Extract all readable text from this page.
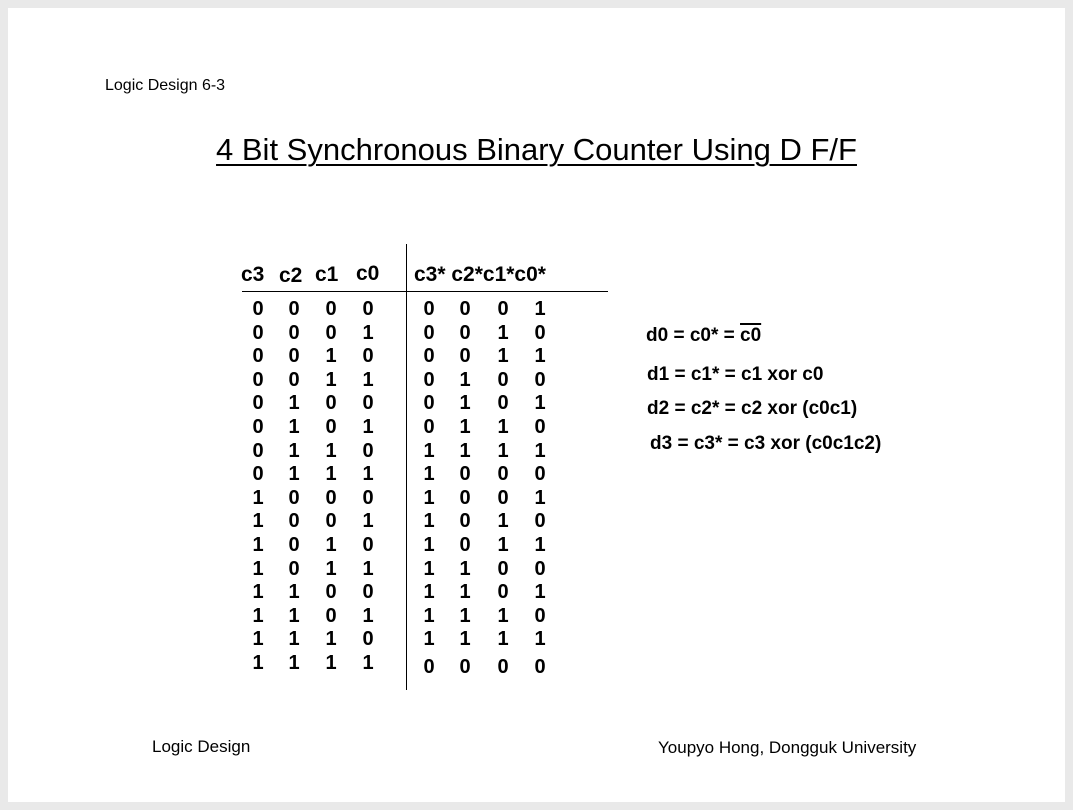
Logic Design 6-3
4 Bit Synchronous Binary Counter Using D F/F
c3 c2 c1 c0 c3* c2*c1*c0*
0 0 0 0
0 0 0 1
0 0 1 0
0 0 1 1
0 1 0 0
0 1 0 1
0 1 1 0
0 1 1 1
1 0 0 0
1 0 0 1
1 0 1 0
1 0 1 1
1 1 0 0
1 1 0 1
1 1 1 0
1 1 1 1
0 0 0 1
0 0 1 0
0 0 1 1
0 1 0 0
0 1 0 1
0 1 1 0
1 1 1 1
1 0 0 0
1 0 0 1
1 0 1 0
1 0 1 1
1 1 0 0
1 1 0 1
1 1 1 0
1 1 1 1
0 0 0 0
d0 = c0* = c0
d1 = c1* = c1 xor c0
d2 = c2* = c2 xor (c0c1)
d3 = c3* = c3 xor (c0c1c2)
Logic Design	Youpyo Hong, Dongguk University
